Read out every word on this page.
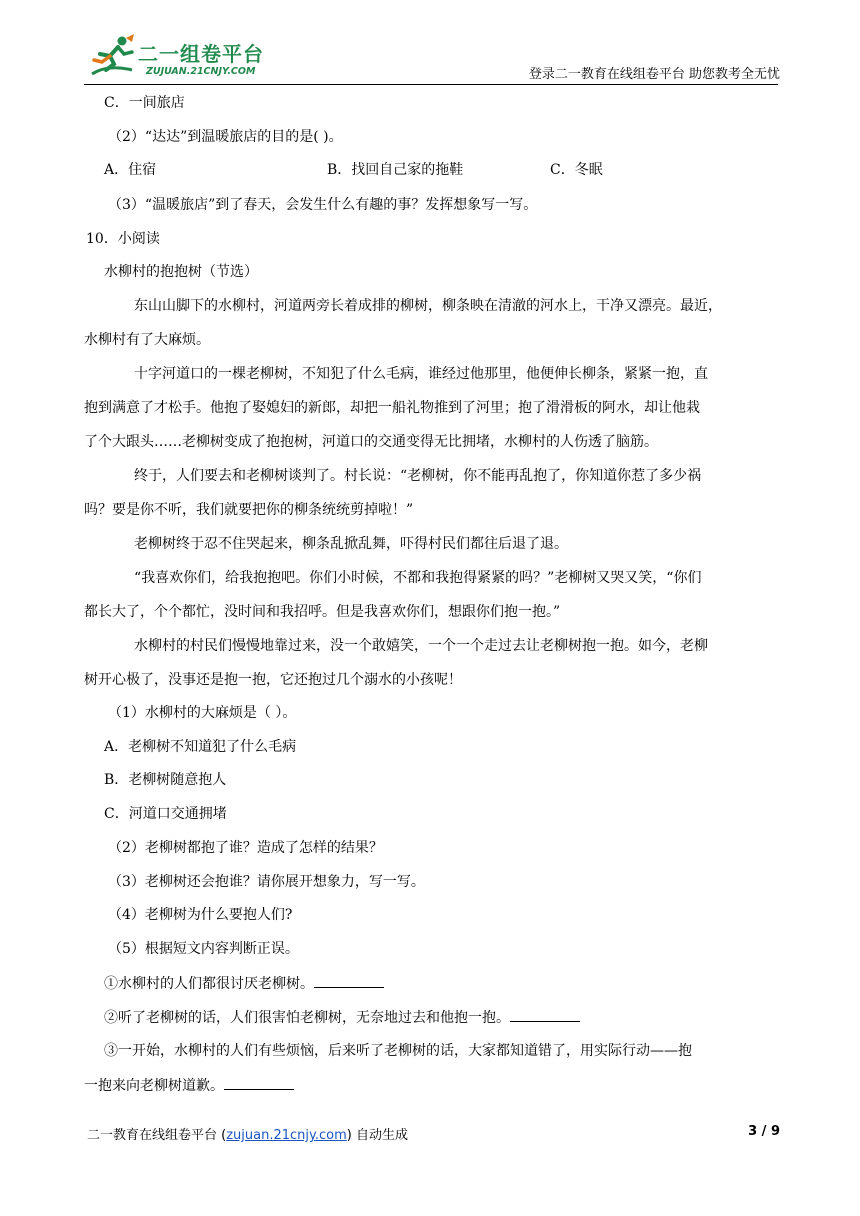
二一组卷平台
ZUJUAN.21CNJY.COM	登录二一教育在线组卷平台 助您教考全无忧
C．一间旅店
（2）“达达”到温暖旅店的目的是( )。
A．住宿	B．找回自己家的拖鞋	C．冬眠
（3）“温暖旅店”到了春天，会发生什么有趣的事？发挥想象写一写。
10．小阅读
水柳村的抱抱树（节选）
东山山脚下的水柳村，河道两旁长着成排的柳树，柳条映在清澈的河水上，干净又漂亮。最近，
水柳村有了大麻烦。
十字河道口的一棵老柳树，不知犯了什么毛病，谁经过他那里，他便伸长柳条，紧紧一抱，直
抱到满意了才松手。他抱了娶媳妇的新郎，却把一船礼物推到了河里；抱了滑滑板的阿水，却让他栽
了个大跟头……老柳树变成了抱抱树，河道口的交通变得无比拥堵，水柳村的人伤透了脑筋。
终于，人们要去和老柳树谈判了。村长说：“老柳树，你不能再乱抱了，你知道你惹了多少祸
吗？要是你不听，我们就要把你的柳条统统剪掉啦！”
老柳树终于忍不住哭起来，柳条乱掀乱舞，吓得村民们都往后退了退。
“我喜欢你们，给我抱抱吧。你们小时候，不都和我抱得紧紧的吗？”老柳树又哭又笑，“你们
都长大了，个个都忙，没时间和我招呼。但是我喜欢你们，想跟你们抱一抱。”
水柳村的村民们慢慢地靠过来，没一个敢嬉笑，一个一个走过去让老柳树抱一抱。如今，老柳
树开心极了，没事还是抱一抱，它还抱过几个溺水的小孩呢！
（1）水柳村的大麻烦是（ ）。
A．老柳树不知道犯了什么毛病
B．老柳树随意抱人
C．河道口交通拥堵
（2）老柳树都抱了谁？造成了怎样的结果？
（3）老柳树还会抱谁？请你展开想象力，写一写。
（4）老柳树为什么要抱人们?
（5）根据短文内容判断正误。
①水柳村的人们都很讨厌老柳树。
②听了老柳树的话，人们很害怕老柳树，无奈地过去和他抱一抱。
③一开始，水柳村的人们有些烦恼，后来听了老柳树的话，大家都知道错了，用实际行动——抱
一抱来向老柳树道歉。
二一教育在线组卷平台 (zujuan.21cnjy.com) 自动生成	3 / 9
